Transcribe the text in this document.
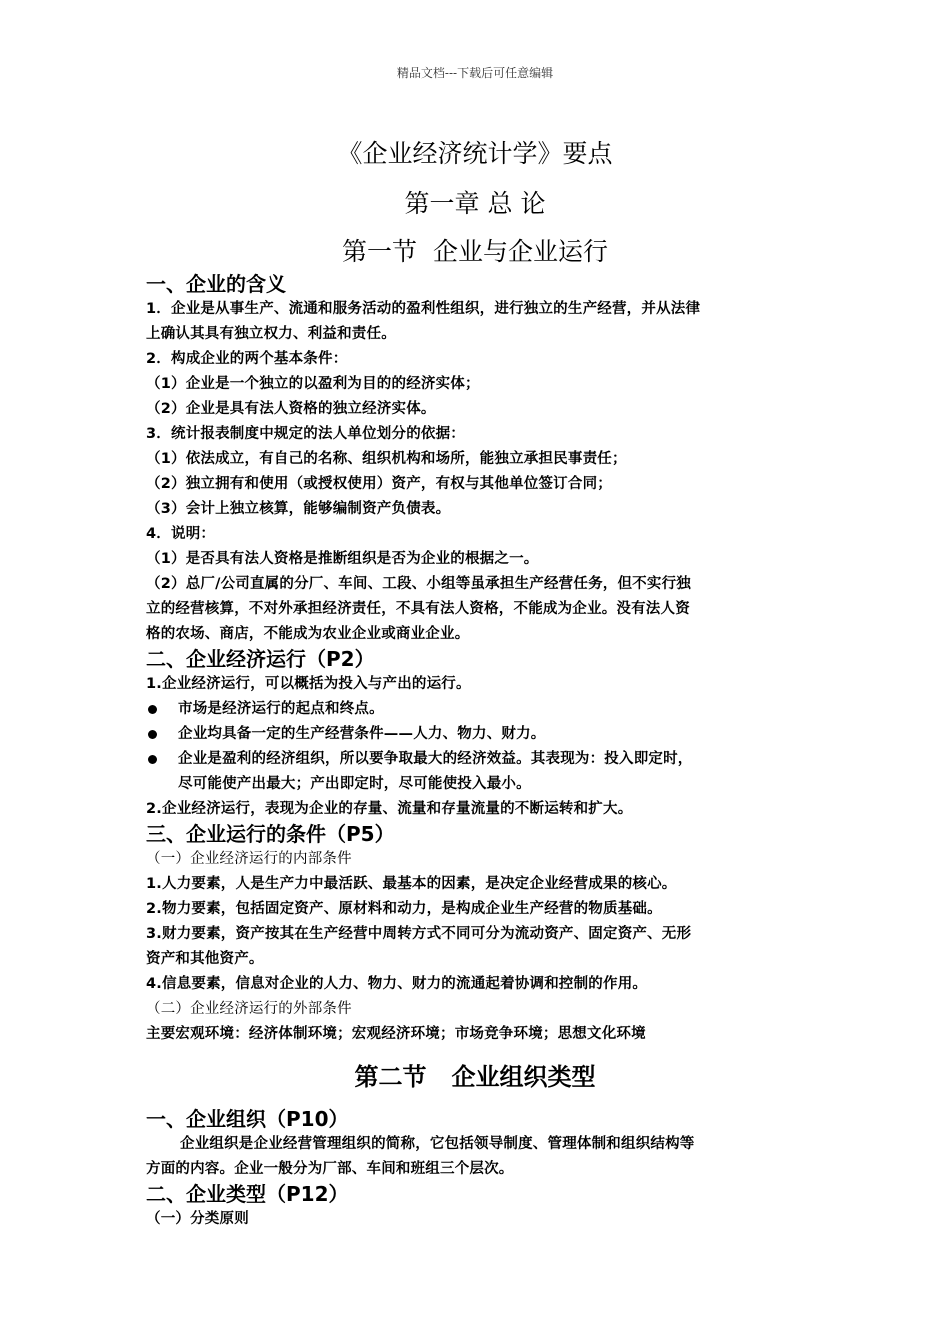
精品文档---下载后可任意编辑
《企业经济统计学》要点
第一章 总 论
第一节  企业与企业运行
一、企业的含义
1．企业是从事生产、流通和服务活动的盈利性组织，进行独立的生产经营，并从法律
上确认其具有独立权力、利益和责任。
2．构成企业的两个基本条件：
（1）企业是一个独立的以盈利为目的的经济实体；
（2）企业是具有法人资格的独立经济实体。
3．统计报表制度中规定的法人单位划分的依据：
（1）依法成立，有自己的名称、组织机构和场所，能独立承担民事责任；
（2）独立拥有和使用（或授权使用）资产，有权与其他单位签订合同；
（3）会计上独立核算，能够编制资产负债表。
4．说明：
（1）是否具有法人资格是推断组织是否为企业的根据之一。
（2）总厂/公司直属的分厂、车间、工段、小组等虽承担生产经营任务，但不实行独
立的经营核算，不对外承担经济责任，不具有法人资格，不能成为企业。没有法人资
格的农场、商店，不能成为农业企业或商业企业。
二、企业经济运行（P2）
1.企业经济运行，可以概括为投入与产出的运行。
市场是经济运行的起点和终点。
企业均具备一定的生产经营条件——人力、物力、财力。
企业是盈利的经济组织，所以要争取最大的经济效益。其表现为：投入即定时，
尽可能使产出最大；产出即定时，尽可能使投入最小。
2.企业经济运行，表现为企业的存量、流量和存量流量的不断运转和扩大。
三、企业运行的条件（P5）
（一）企业经济运行的内部条件
1.人力要素，人是生产力中最活跃、最基本的因素，是决定企业经营成果的核心。
2.物力要素，包括固定资产、原材料和动力，是构成企业生产经营的物质基础。
3.财力要素，资产按其在生产经营中周转方式不同可分为流动资产、固定资产、无形
资产和其他资产。
4.信息要素，信息对企业的人力、物力、财力的流通起着协调和控制的作用。
（二）企业经济运行的外部条件
主要宏观环境：经济体制环境；宏观经济环境；市场竞争环境；思想文化环境
第二节   企业组织类型
一、企业组织（P10）
企业组织是企业经营管理组织的简称，它包括领导制度、管理体制和组织结构等
方面的内容。企业一般分为厂部、车间和班组三个层次。
二、企业类型（P12）
（一）分类原则
